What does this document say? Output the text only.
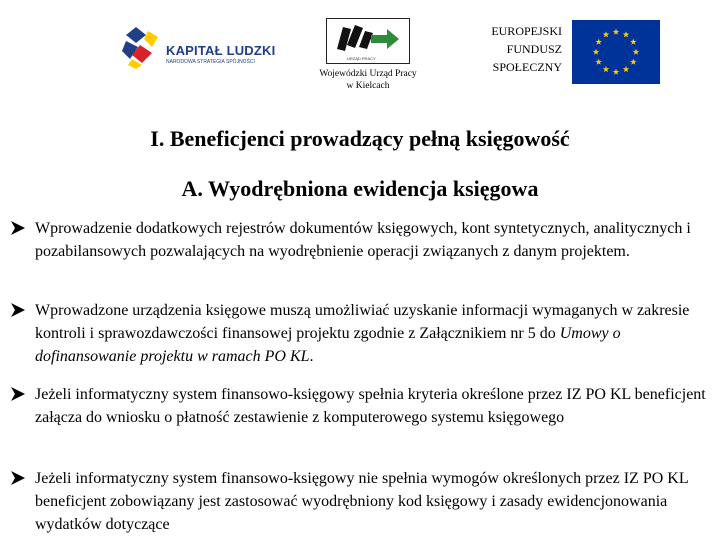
KAPITAŁ LUDZKI
NARODOWA STRATEGIA SPÓJNOŚCI
URZĄD PRACY
Wojewódzki Urząd Pracy
w Kielcach
EUROPEJSKI
FUNDUSZ
SPOŁECZNY
I. Beneficjenci prowadzący pełną księgowość
A. Wyodrębniona ewidencja księgowa
Wprowadzenie dodatkowych rejestrów dokumentów księgowych, kont syntetycznych, analitycznych i pozabilansowych pozwalających na wyodrębnienie operacji związanych z danym projektem.
Wprowadzone urządzenia księgowe muszą umożliwiać uzyskanie informacji wymaganych w zakresie kontroli i sprawozdawczości finansowej projektu zgodnie z Załącznikiem nr 5 do Umowy o dofinansowanie projektu w ramach PO KL.
Jeżeli informatyczny system finansowo-księgowy spełnia kryteria określone przez IZ PO KL beneficjent załącza do wniosku o płatność zestawienie z komputerowego systemu księgowego
Jeżeli informatyczny system finansowo-księgowy nie spełnia wymogów określonych przez IZ PO KL beneficjent zobowiązany jest zastosować wyodrębniony kod księgowy i zasady ewidencjonowania wydatków dotyczące
